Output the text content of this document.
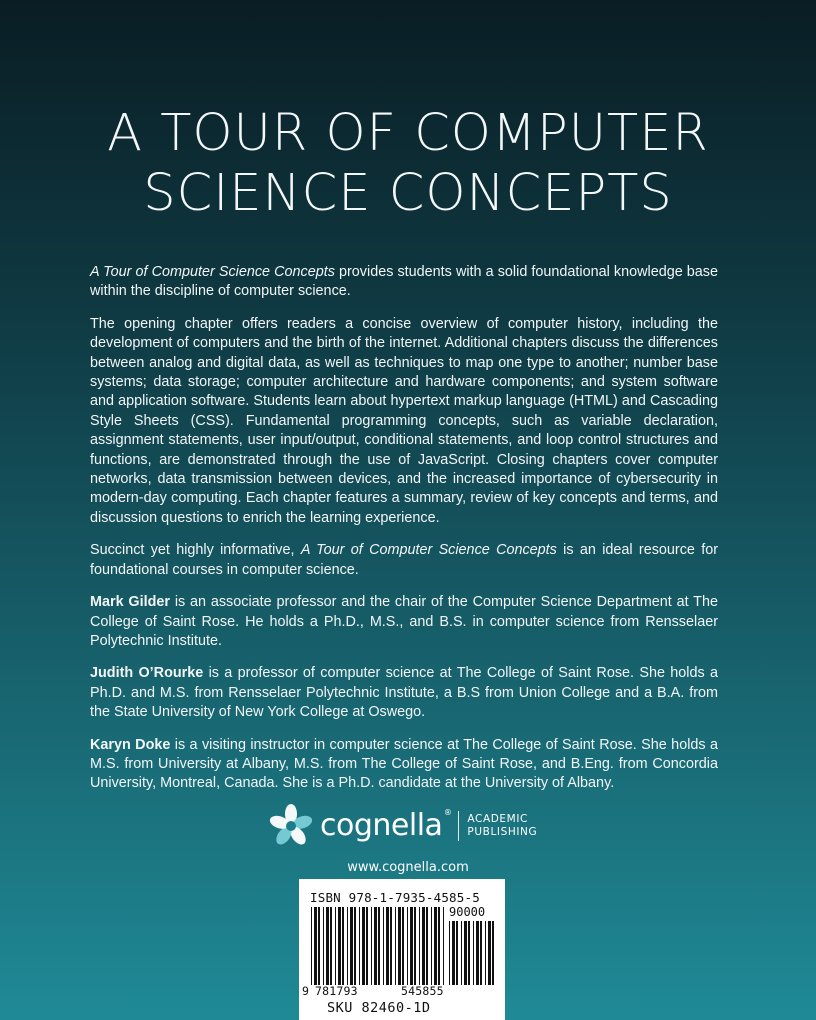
A TOUR OF COMPUTER
SCIENCE CONCEPTS

A Tour of Computer Science Concepts provides students with a solid foundational knowledge base within the discipline of computer science.

The opening chapter offers readers a concise overview of computer history, including the development of computers and the birth of the internet. Additional chapters discuss the differences between analog and digital data, as well as techniques to map one type to another; number base systems; data storage; computer architecture and hardware components; and system software and application software. Students learn about hypertext markup language (HTML) and Cascading Style Sheets (CSS). Fundamental programming concepts, such as variable declaration, assignment statements, user input/output, conditional statements, and loop control structures and functions, are demonstrated through the use of JavaScript. Closing chapters cover computer networks, data transmission between devices, and the increased importance of cybersecurity in modern-day computing. Each chapter features a summary, review of key concepts and terms, and discussion questions to enrich the learning experience.

Succinct yet highly informative, A Tour of Computer Science Concepts is an ideal resource for foundational courses in computer science.

Mark Gilder is an associate professor and the chair of the Computer Science Department at The College of Saint Rose. He holds a Ph.D., M.S., and B.S. in computer science from Rensselaer Polytechnic Institute.

Judith O’Rourke is a professor of computer science at The College of Saint Rose. She holds a Ph.D. and M.S. from Rensselaer Polytechnic Institute, a B.S from Union College and a B.A. from the State University of New York College at Oswego.

Karyn Doke is a visiting instructor in computer science at The College of Saint Rose. She holds a M.S. from University at Albany, M.S. from The College of Saint Rose, and B.Eng. from Concordia University, Montreal, Canada. She is a Ph.D. candidate at the University of Albany.

cognella ®
ACADEMIC
PUBLISHING
www.cognella.com
ISBN 978-1-7935-4585-5
90000
9 781793	545855
SKU 82460-1D
